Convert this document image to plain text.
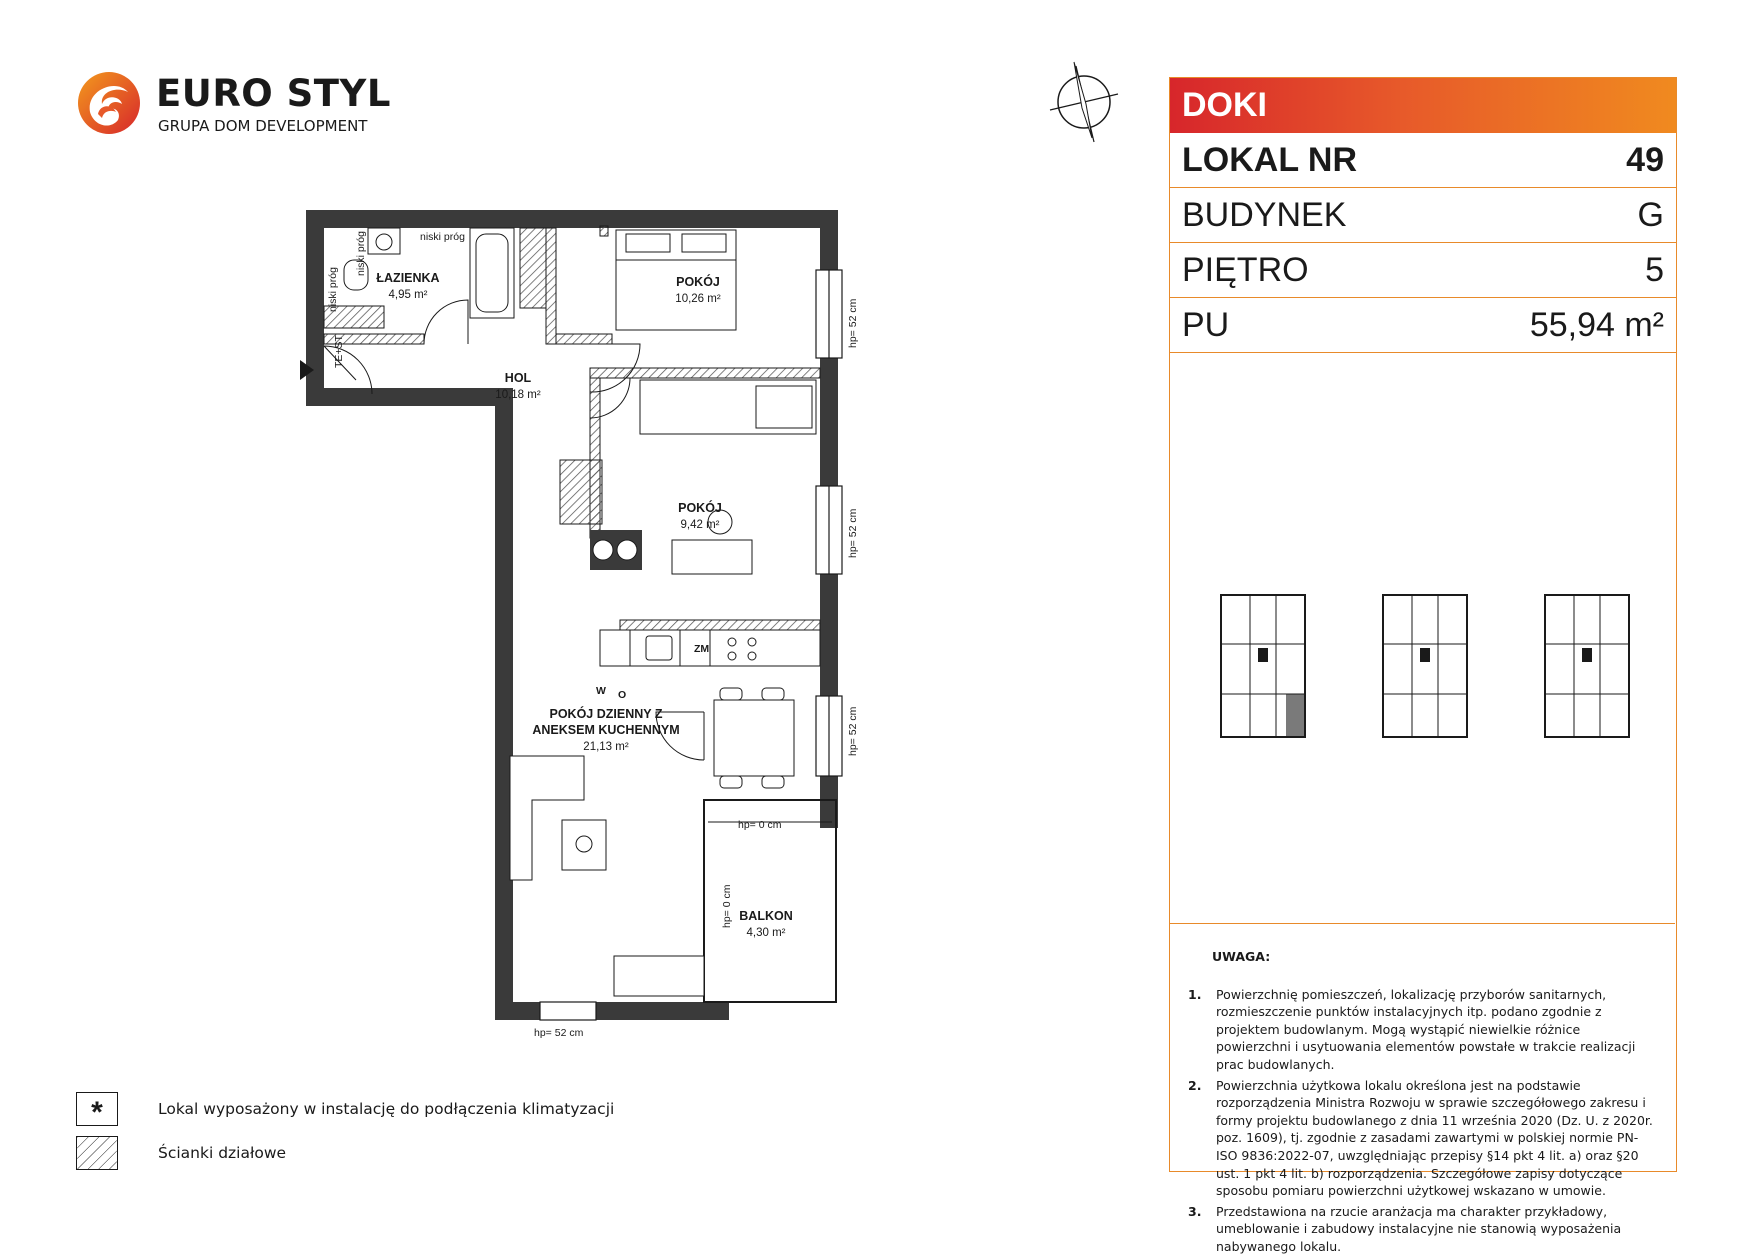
EURO STYL
GRUPA DOM DEVELOPMENT
ŁAZIENKA
4,95 m²
POKÓJ
10,26 m²
HOL
10,18 m²
POKÓJ
9,42 m²
POKÓJ DZIENNY Z
ANEKSEM KUCHENNYM
21,13 m²
BALKON
4,30 m²
niski próg
niski próg
niski próg
TE+ST
ZM
W O
hp= 52 cm
hp= 52 cm
hp= 52 cm
hp= 0 cm
hp= 0 cm
hp= 52 cm
DOKI
LOKAL NR	49
BUDYNEK	G
PIĘTRO	5
PU	55,94 m²
UWAGA:
1.	Powierzchnię pomieszczeń, lokalizację przyborów sanitarnych, rozmieszczenie punktów instalacyjnych itp. podano zgodnie z projektem budowlanym. Mogą wystąpić niewielkie różnice powierzchni i usytuowania elementów powstałe w trakcie realizacji prac budowlanych.
2.	Powierzchnia użytkowa lokalu określona jest na podstawie rozporządzenia Ministra Rozwoju w sprawie szczegółowego zakresu i formy projektu budowlanego z dnia 11 września 2020 (Dz. U. z 2020r. poz. 1609), tj. zgodnie z zasadami zawartymi w polskiej normie PN-ISO 9836:2022-07, uwzględniając przepisy §14 pkt 4 lit. a) oraz §20 ust. 1 pkt 4 lit. b) rozporządzenia. Szczegółowe zapisy dotyczące sposobu pomiaru powierzchni użytkowej wskazano w umowie.
3.	Przedstawiona na rzucie aranżacja ma charakter przykładowy, umeblowanie i zabudowy instalacyjne nie stanowią wyposażenia nabywanego lokalu.
*	Lokal wyposażony w instalację do podłączenia klimatyzacji
Ścianki działowe
